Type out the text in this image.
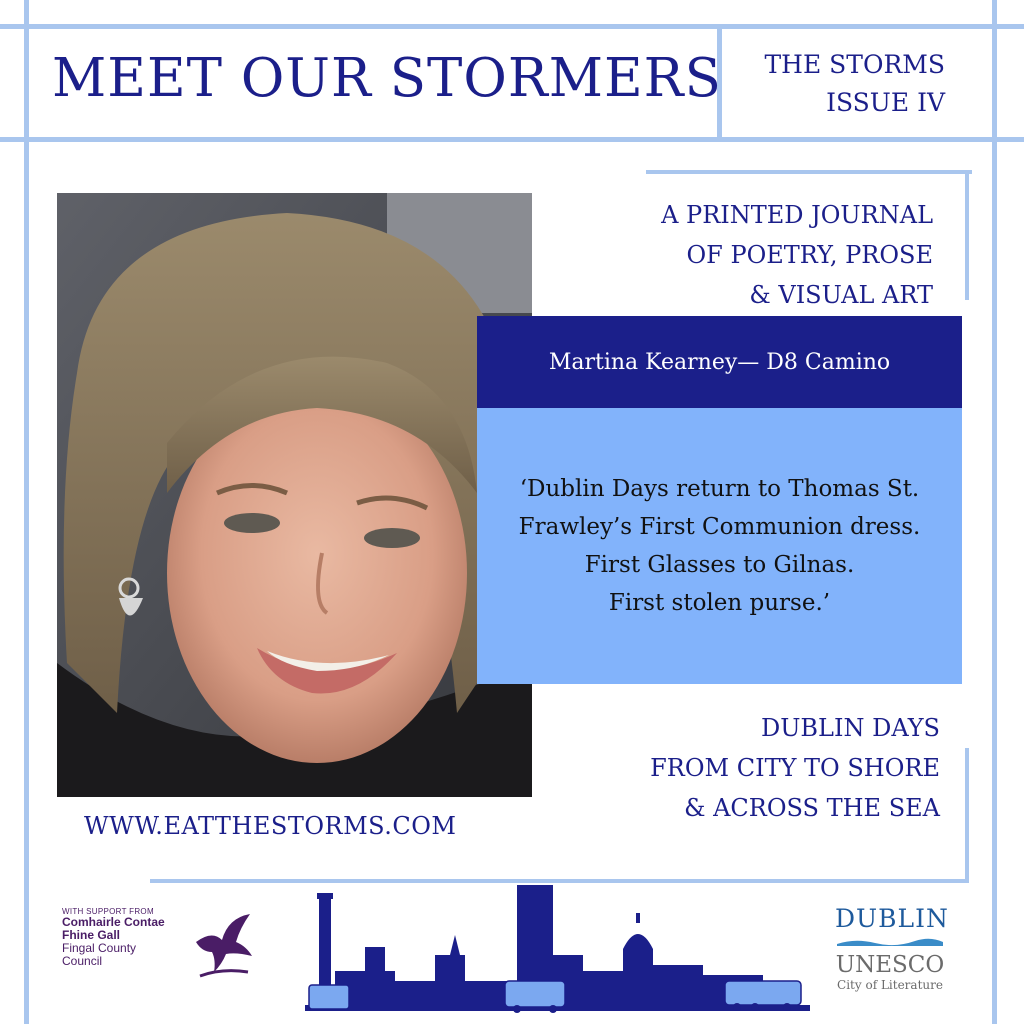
MEET OUR STORMERS	THE STORMS
ISSUE IV
A PRINTED JOURNAL
OF POETRY, PROSE
& VISUAL ART
Martina Kearney— D8 Camino
‘Dublin Days return to Thomas St.
Frawley’s First Communion dress.
First Glasses to Gilnas.
First stolen purse.’
DUBLIN DAYS
FROM CITY TO SHORE
& ACROSS THE SEA
WWW.EATTHESTORMS.COM
WITH SUPPORT FROM
Comhairle Contae
Fhine Gall
Fingal County
Council
DUBLIN
UNESCO
City of Literature
